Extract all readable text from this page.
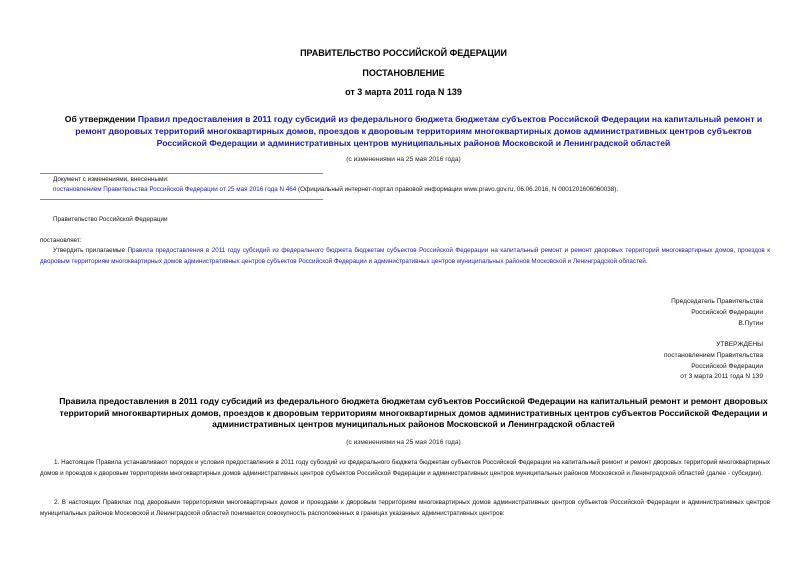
ПРАВИТЕЛЬСТВО РОССИЙСКОЙ ФЕДЕРАЦИИ
ПОСТАНОВЛЕНИЕ
от 3 марта 2011 года N 139
Об утверждении Правил предоставления в 2011 году субсидий из федерального бюджета бюджетам субъектов Российской Федерации на капитальный ремонт и ремонт дворовых территорий многоквартирных домов, проездов к дворовым территориям многоквартирных домов административных центров субъектов Российской Федерации и административных центров муниципальных районов Московской и Ленинградской областей
(с изменениями на 25 мая 2016 года)
Документ с изменениями, внесенными:
постановлением Правительства Российской Федерации от 25 мая 2016 года N 464 (Официальный интернет-портал правовой информации www.pravo.gov.ru, 06.06.2016, N 0001201606060038).
Правительство Российской Федерации
постановляет:
Утвердить прилагаемые Правила предоставления в 2011 году субсидий из федерального бюджета бюджетам субъектов Российской Федерации на капитальный ремонт и ремонт дворовых территорий многоквартирных домов, проездов к дворовым территориям многоквартирных домов административных центров субъектов Российской Федерации и административных центров муниципальных районов Московской и Ленинградской областей.
Председатель Правительства
Российской Федерации
В.Путин
УТВЕРЖДЕНЫ
постановлением Правительства
Российской Федерации
от 3 марта 2011 года N 139
Правила предоставления в 2011 году субсидий из федерального бюджета бюджетам субъектов Российской Федерации на капитальный ремонт и ремонт дворовых территорий многоквартирных домов, проездов к дворовым территориям многоквартирных домов административных центров субъектов Российской Федерации и административных центров муниципальных районов Московской и Ленинградской областей
(с изменениями на 25 мая 2016 года)
1. Настоящие Правила устанавливают порядок и условия предоставления в 2011 году субсидий из федерального бюджета бюджетам субъектов Российской Федерации на капитальный ремонт и ремонт дворовых территорий многоквартирных домов и проездов к дворовым территориям многоквартирных домов административных центров субъектов Российской Федерации и административных центров муниципальных районов Московской и Ленинградской областей (далее - субсидии).
2. В настоящих Правилах под дворовыми территориями многоквартирных домов и проездами к дворовым территориям многоквартирных домов административных центров субъектов Российской Федерации и административных центров муниципальных районов Московской и Ленинградской областей понимается совокупность расположенных в границах указанных административных центров:
